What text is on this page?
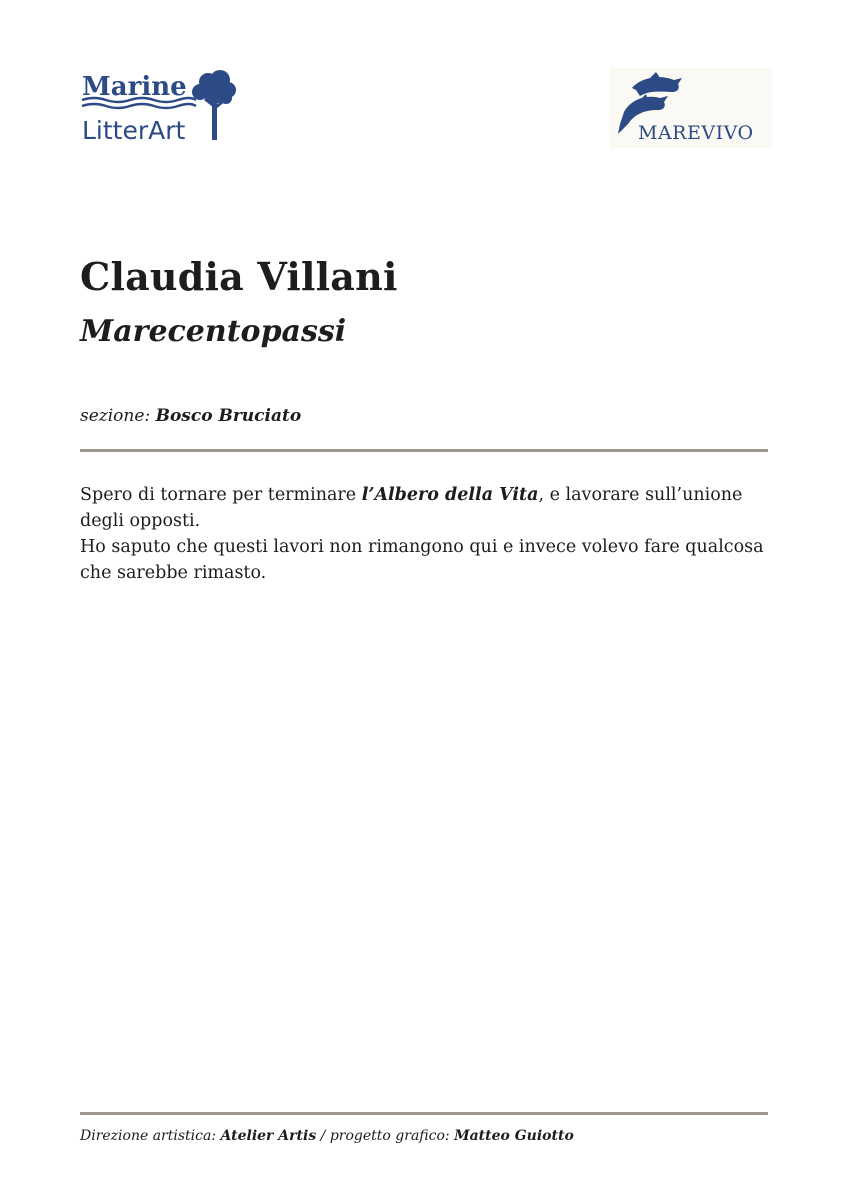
Marine
LitterArt	MAREVIVO
Claudia Villani
Marecentopassi
sezione: Bosco Bruciato

Spero di tornare per terminare l’Albero della Vita, e lavorare sull’unione degli opposti.

Ho saputo che questi lavori non rimangono qui e invece volevo fare qualcosa che sarebbe rimasto.

Direzione artistica: Atelier Artis / progetto grafico: Matteo Guiotto
